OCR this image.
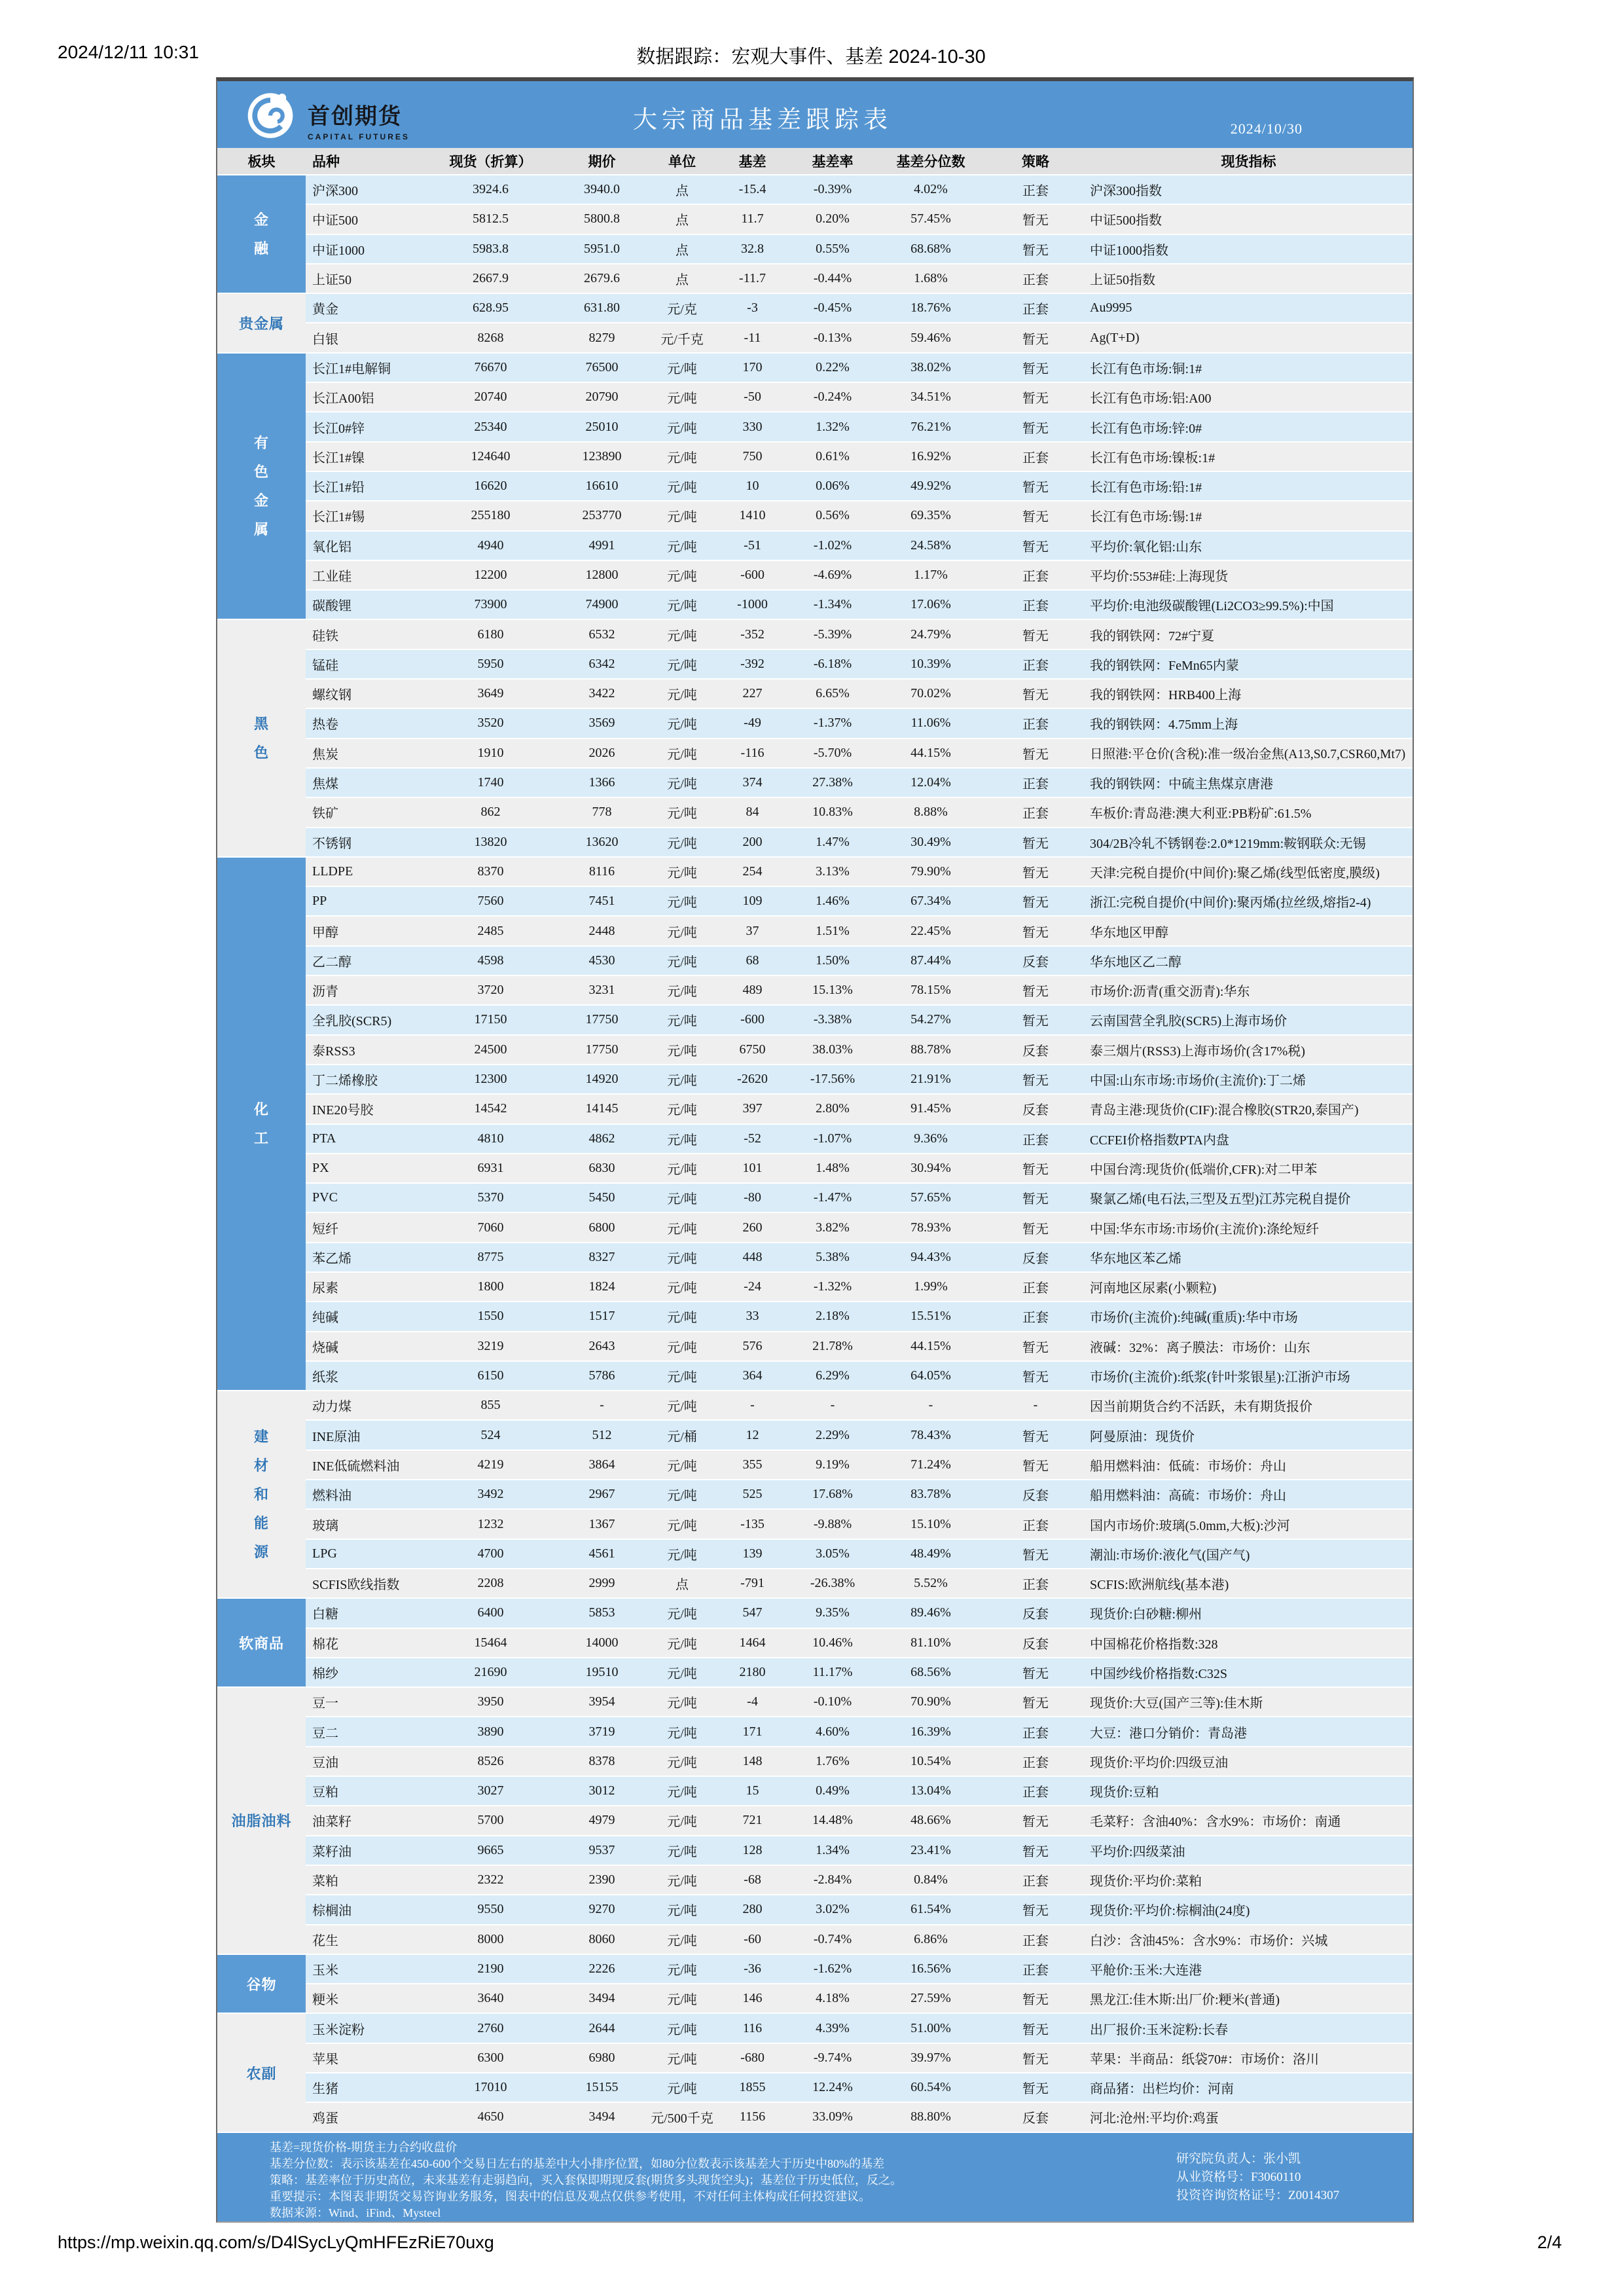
2024/12/11 10:31	数据跟踪：宏观大事件、基差 2024-10-30
首创期货
CAPITAL FUTURES
大宗商品基差跟踪表	2024/10/30
板块	品种	现货（折算）	期价	单位	基差	基差率	基差分位数	策略	现货指标
金融
沪深300	3924.6	3940.0	点	-15.4	-0.39%	4.02%	正套	沪深300指数
中证500	5812.5	5800.8	点	11.7	0.20%	57.45%	暂无	中证500指数
中证1000	5983.8	5951.0	点	32.8	0.55%	68.68%	暂无	中证1000指数
上证50	2667.9	2679.6	点	-11.7	-0.44%	1.68%	正套	上证50指数
贵金属
黄金	628.95	631.80	元/克	-3	-0.45%	18.76%	正套	Au9995
白银	8268	8279	元/千克	-11	-0.13%	59.46%	暂无	Ag(T+D)
有色金属
长江1#电解铜	76670	76500	元/吨	170	0.22%	38.02%	暂无	长江有色市场:铜:1#
长江A00铝	20740	20790	元/吨	-50	-0.24%	34.51%	暂无	长江有色市场:铝:A00
长江0#锌	25340	25010	元/吨	330	1.32%	76.21%	暂无	长江有色市场:锌:0#
长江1#镍	124640	123890	元/吨	750	0.61%	16.92%	正套	长江有色市场:镍板:1#
长江1#铅	16620	16610	元/吨	10	0.06%	49.92%	暂无	长江有色市场:铅:1#
长江1#锡	255180	253770	元/吨	1410	0.56%	69.35%	暂无	长江有色市场:锡:1#
氧化铝	4940	4991	元/吨	-51	-1.02%	24.58%	暂无	平均价:氧化铝:山东
工业硅	12200	12800	元/吨	-600	-4.69%	1.17%	正套	平均价:553#硅:上海现货
碳酸锂	73900	74900	元/吨	-1000	-1.34%	17.06%	正套	平均价:电池级碳酸锂(Li2CO3≥99.5%):中国
黑色
硅铁	6180	6532	元/吨	-352	-5.39%	24.79%	暂无	我的钢铁网：72#宁夏
锰硅	5950	6342	元/吨	-392	-6.18%	10.39%	正套	我的钢铁网：FeMn65内蒙
螺纹钢	3649	3422	元/吨	227	6.65%	70.02%	暂无	我的钢铁网：HRB400上海
热卷	3520	3569	元/吨	-49	-1.37%	11.06%	正套	我的钢铁网：4.75mm上海
焦炭	1910	2026	元/吨	-116	-5.70%	44.15%	暂无	日照港:平仓价(含税):准一级冶金焦(A13,S0.7,CSR60,Mt7)
焦煤	1740	1366	元/吨	374	27.38%	12.04%	正套	我的钢铁网：中硫主焦煤京唐港
铁矿	862	778	元/吨	84	10.83%	8.88%	正套	车板价:青岛港:澳大利亚:PB粉矿:61.5%
不锈钢	13820	13620	元/吨	200	1.47%	30.49%	暂无	304/2B冷轧不锈钢卷:2.0*1219mm:鞍钢联众:无锡
化工
LLDPE	8370	8116	元/吨	254	3.13%	79.90%	暂无	天津:完税自提价(中间价):聚乙烯(线型低密度,膜级)
PP	7560	7451	元/吨	109	1.46%	67.34%	暂无	浙江:完税自提价(中间价):聚丙烯(拉丝级,熔指2-4)
甲醇	2485	2448	元/吨	37	1.51%	22.45%	暂无	华东地区甲醇
乙二醇	4598	4530	元/吨	68	1.50%	87.44%	反套	华东地区乙二醇
沥青	3720	3231	元/吨	489	15.13%	78.15%	暂无	市场价:沥青(重交沥青):华东
全乳胶(SCR5)	17150	17750	元/吨	-600	-3.38%	54.27%	暂无	云南国营全乳胶(SCR5)上海市场价
泰RSS3	24500	17750	元/吨	6750	38.03%	88.78%	反套	泰三烟片(RSS3)上海市场价(含17%税)
丁二烯橡胶	12300	14920	元/吨	-2620	-17.56%	21.91%	暂无	中国:山东市场:市场价(主流价):丁二烯
INE20号胶	14542	14145	元/吨	397	2.80%	91.45%	反套	青岛主港:现货价(CIF):混合橡胶(STR20,泰国产)
PTA	4810	4862	元/吨	-52	-1.07%	9.36%	正套	CCFEI价格指数PTA内盘
PX	6931	6830	元/吨	101	1.48%	30.94%	暂无	中国台湾:现货价(低端价,CFR):对二甲苯
PVC	5370	5450	元/吨	-80	-1.47%	57.65%	暂无	聚氯乙烯(电石法,三型及五型)江苏完税自提价
短纤	7060	6800	元/吨	260	3.82%	78.93%	暂无	中国:华东市场:市场价(主流价):涤纶短纤
苯乙烯	8775	8327	元/吨	448	5.38%	94.43%	反套	华东地区苯乙烯
尿素	1800	1824	元/吨	-24	-1.32%	1.99%	正套	河南地区尿素(小颗粒)
纯碱	1550	1517	元/吨	33	2.18%	15.51%	正套	市场价(主流价):纯碱(重质):华中市场
烧碱	3219	2643	元/吨	576	21.78%	44.15%	暂无	液碱：32%：离子膜法：市场价：山东
纸浆	6150	5786	元/吨	364	6.29%	64.05%	暂无	市场价(主流价):纸浆(针叶浆银星):江浙沪市场
建材和能源
动力煤	855	-	元/吨	-	-	-	-	因当前期货合约不活跃，未有期货报价
INE原油	524	512	元/桶	12	2.29%	78.43%	暂无	阿曼原油：现货价
INE低硫燃料油	4219	3864	元/吨	355	9.19%	71.24%	暂无	船用燃料油：低硫：市场价：舟山
燃料油	3492	2967	元/吨	525	17.68%	83.78%	反套	船用燃料油：高硫：市场价：舟山
玻璃	1232	1367	元/吨	-135	-9.88%	15.10%	正套	国内市场价:玻璃(5.0mm,大板):沙河
LPG	4700	4561	元/吨	139	3.05%	48.49%	暂无	潮汕:市场价:液化气(国产气)
SCFIS欧线指数	2208	2999	点	-791	-26.38%	5.52%	正套	SCFIS:欧洲航线(基本港)
软商品
白糖	6400	5853	元/吨	547	9.35%	89.46%	反套	现货价:白砂糖:柳州
棉花	15464	14000	元/吨	1464	10.46%	81.10%	反套	中国棉花价格指数:328
棉纱	21690	19510	元/吨	2180	11.17%	68.56%	暂无	中国纱线价格指数:C32S
油脂油料
豆一	3950	3954	元/吨	-4	-0.10%	70.90%	暂无	现货价:大豆(国产三等):佳木斯
豆二	3890	3719	元/吨	171	4.60%	16.39%	正套	大豆：港口分销价：青岛港
豆油	8526	8378	元/吨	148	1.76%	10.54%	正套	现货价:平均价:四级豆油
豆粕	3027	3012	元/吨	15	0.49%	13.04%	正套	现货价:豆粕
油菜籽	5700	4979	元/吨	721	14.48%	48.66%	暂无	毛菜籽：含油40%：含水9%：市场价：南通
菜籽油	9665	9537	元/吨	128	1.34%	23.41%	暂无	平均价:四级菜油
菜粕	2322	2390	元/吨	-68	-2.84%	0.84%	正套	现货价:平均价:菜粕
棕榈油	9550	9270	元/吨	280	3.02%	61.54%	暂无	现货价:平均价:棕榈油(24度)
花生	8000	8060	元/吨	-60	-0.74%	6.86%	正套	白沙：含油45%：含水9%：市场价：兴城
谷物
玉米	2190	2226	元/吨	-36	-1.62%	16.56%	正套	平舱价:玉米:大连港
粳米	3640	3494	元/吨	146	4.18%	27.59%	暂无	黑龙江:佳木斯:出厂价:粳米(普通)
农副
玉米淀粉	2760	2644	元/吨	116	4.39%	51.00%	暂无	出厂报价:玉米淀粉:长春
苹果	6300	6980	元/吨	-680	-9.74%	39.97%	暂无	苹果：半商品：纸袋70#：市场价：洛川
生猪	17010	15155	元/吨	1855	12.24%	60.54%	暂无	商品猪：出栏均价：河南
鸡蛋	4650	3494	元/500千克	1156	33.09%	88.80%	反套	河北:沧州:平均价:鸡蛋
基差=现货价格-期货主力合约收盘价
基差分位数：表示该基差在450-600个交易日左右的基差中大小排序位置，如80分位数表示该基差大于历史中80%的基差
策略：基差率位于历史高位，未来基差有走弱趋向，买入套保即期现反套(期货多头现货空头)；基差位于历史低位，反之。
重要提示：本图表非期货交易咨询业务服务，图表中的信息及观点仅供参考使用，不对任何主体构成任何投资建议。
数据来源：Wind、iFind、Mysteel
研究院负责人：张小凯
从业资格号：F3060110
投资咨询资格证号：Z0014307
https://mp.weixin.qq.com/s/D4lSycLyQmHFEzRiE70uxg	2/4
